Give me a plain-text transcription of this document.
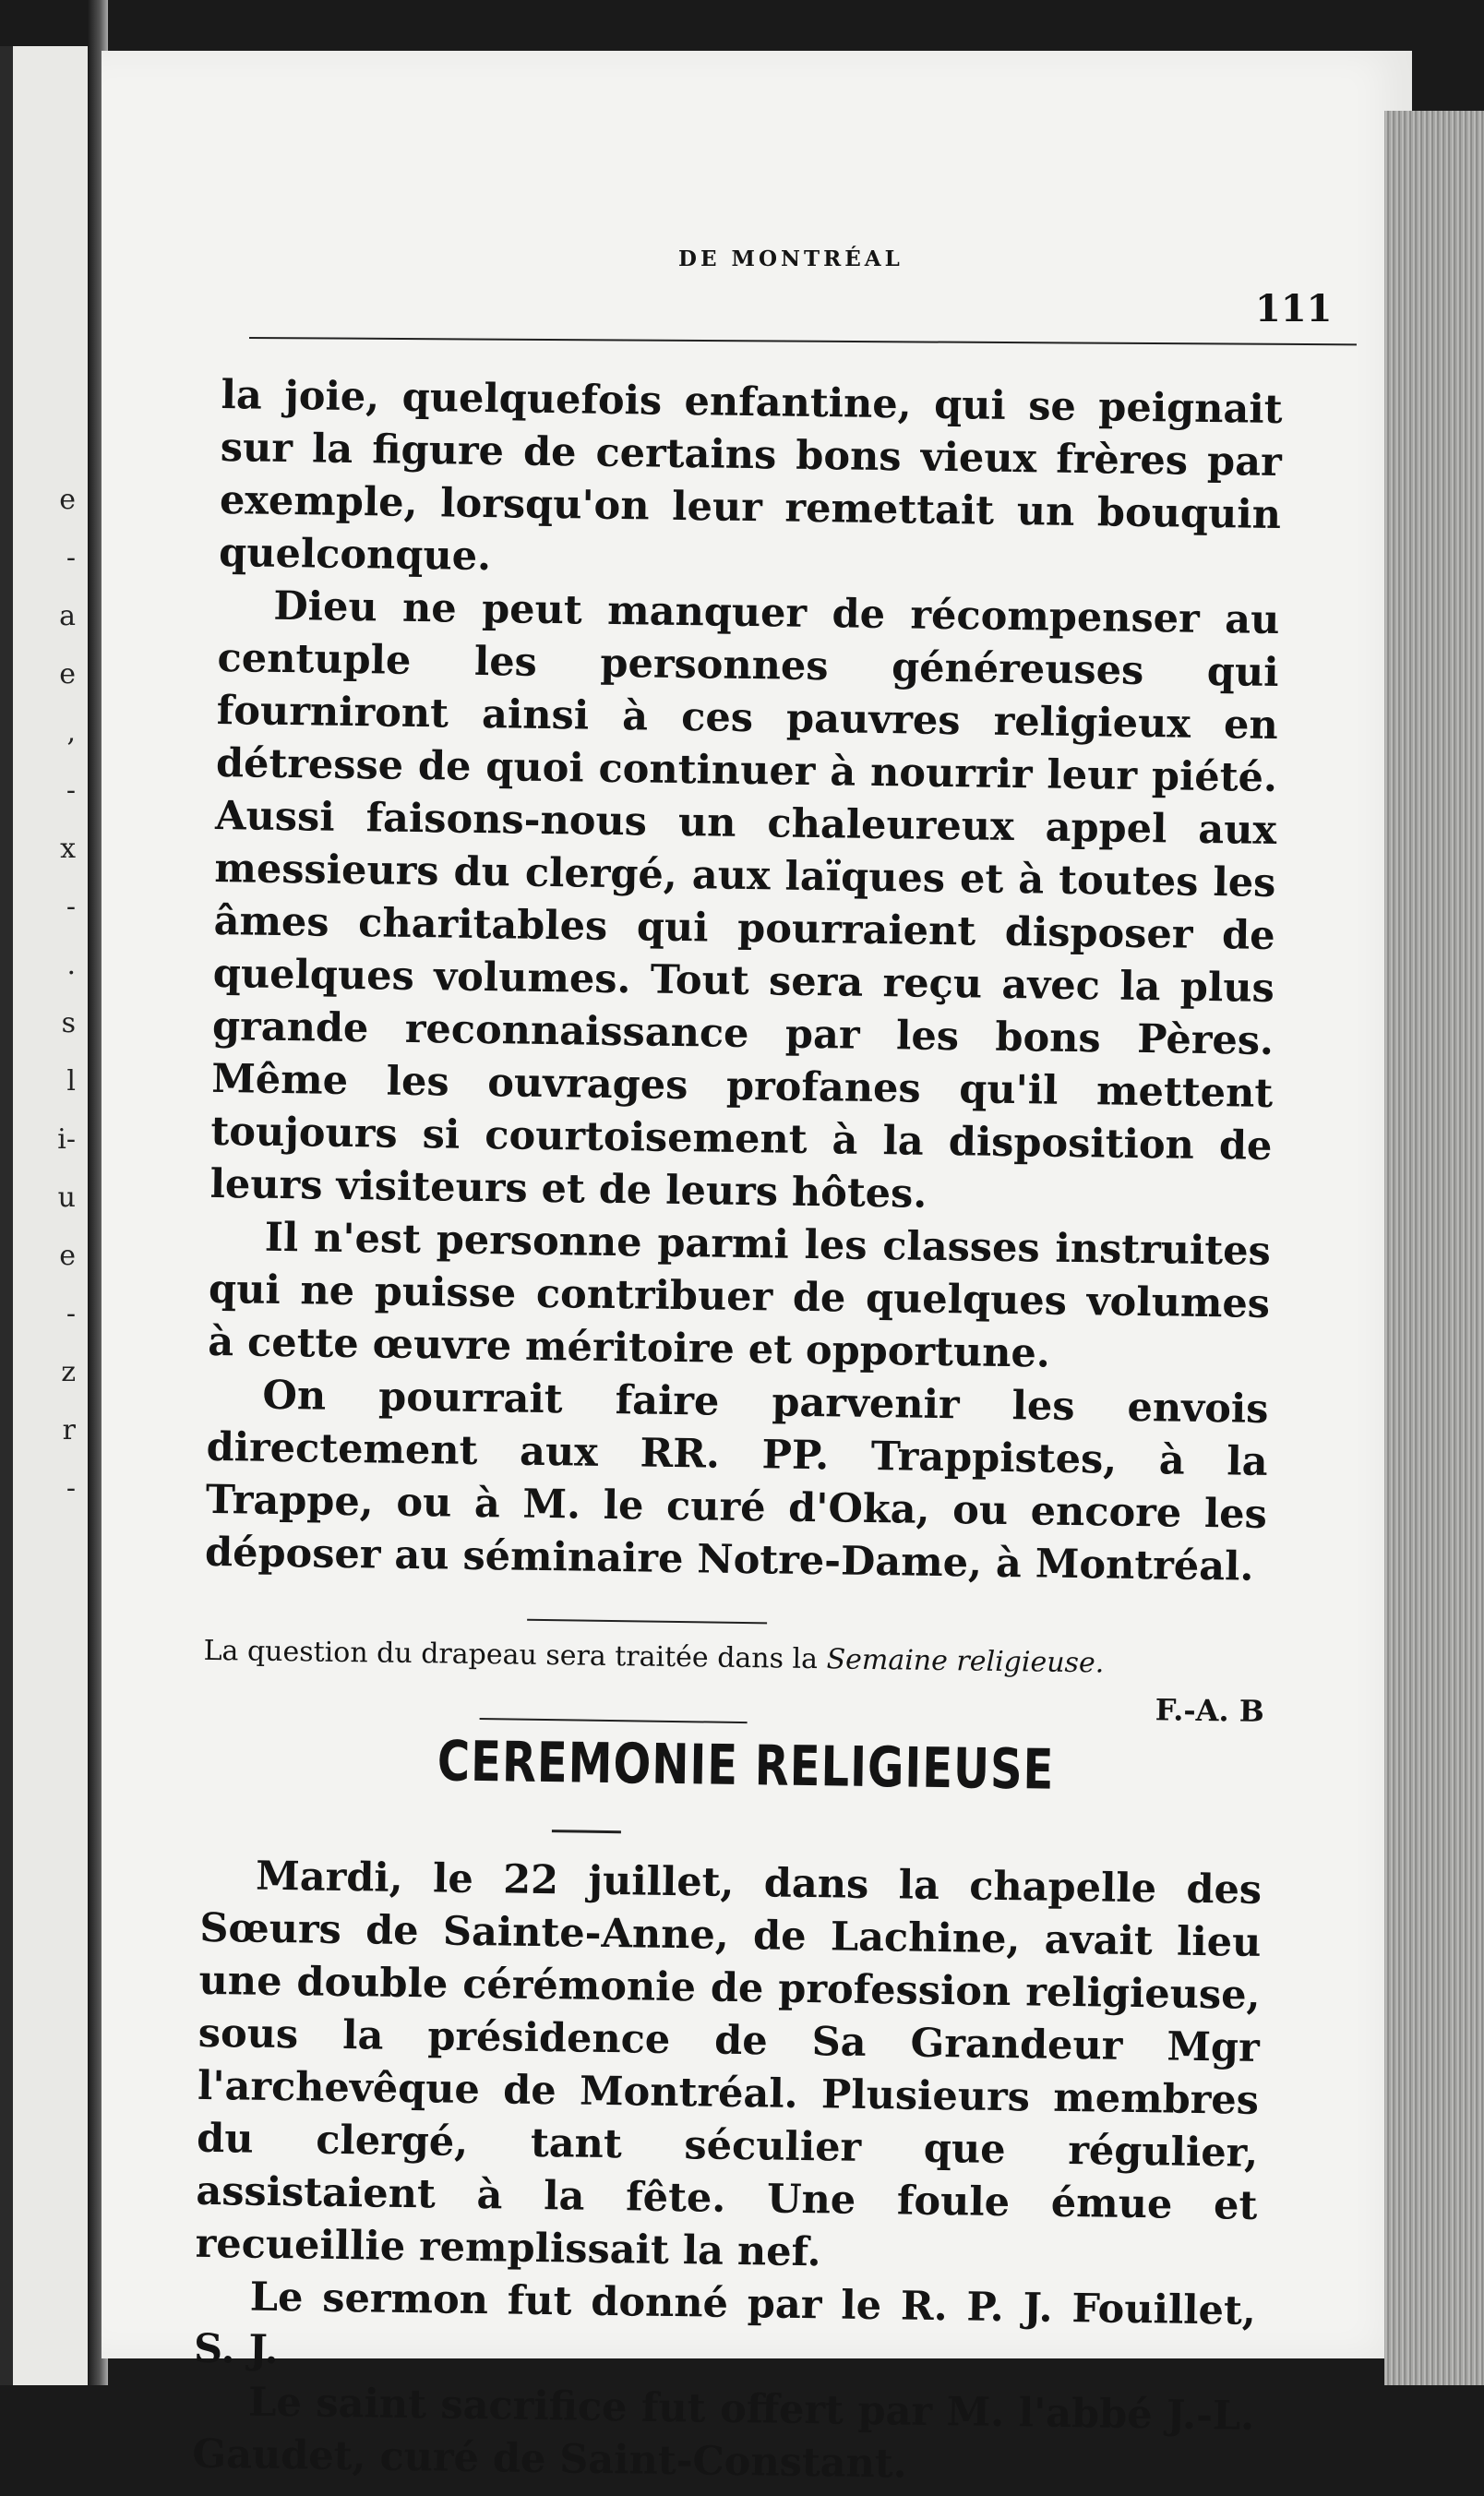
e
-
a
e
,
-
x
-
.
s
l
i-
u
e
-
z
r
-
DE MONTRÉAL
111

la joie, quelquefois enfantine, qui se peignait sur la figure de certains bons vieux frères par exemple, lorsqu'on leur remettait un bouquin quelconque.

Dieu ne peut manquer de récompenser au centuple les personnes généreuses qui fourniront ainsi à ces pauvres religieux en détresse de quoi continuer à nourrir leur piété. Aussi faisons-nous un chaleureux appel aux messieurs du clergé, aux laïques et à toutes les âmes charitables qui pourraient disposer de quelques volumes. Tout sera reçu avec la plus grande reconnaissance par les bons Pères. Même les ouvrages profanes qu'il mettent toujours si courtoisement à la disposition de leurs visiteurs et de leurs hôtes.

Il n'est personne parmi les classes instruites qui ne puisse contribuer de quelques volumes à cette œuvre méritoire et opportune.

On pourrait faire parvenir les envois directement aux RR. PP. Trappistes, à la Trappe, ou à M. le curé d'Oka, ou encore les déposer au séminaire Notre-Dame, à Montréal.

La question du drapeau sera traitée dans la Semaine religieuse.

F.-A. B

CEREMONIE RELIGIEUSE

Mardi, le 22 juillet, dans la chapelle des Sœurs de Sainte-Anne, de Lachine, avait lieu une double cérémonie de profession religieuse, sous la présidence de Sa Grandeur Mgr l'archevêque de Montréal. Plusieurs membres du clergé, tant séculier que régulier, assistaient à la fête. Une foule émue et recueillie remplissait la nef.

Le sermon fut donné par le R. P. J. Fouillet, S. J.

Le saint sacrifice fut offert par M. l'abbé J.-L. Gaudet, curé de Saint-Constant.
